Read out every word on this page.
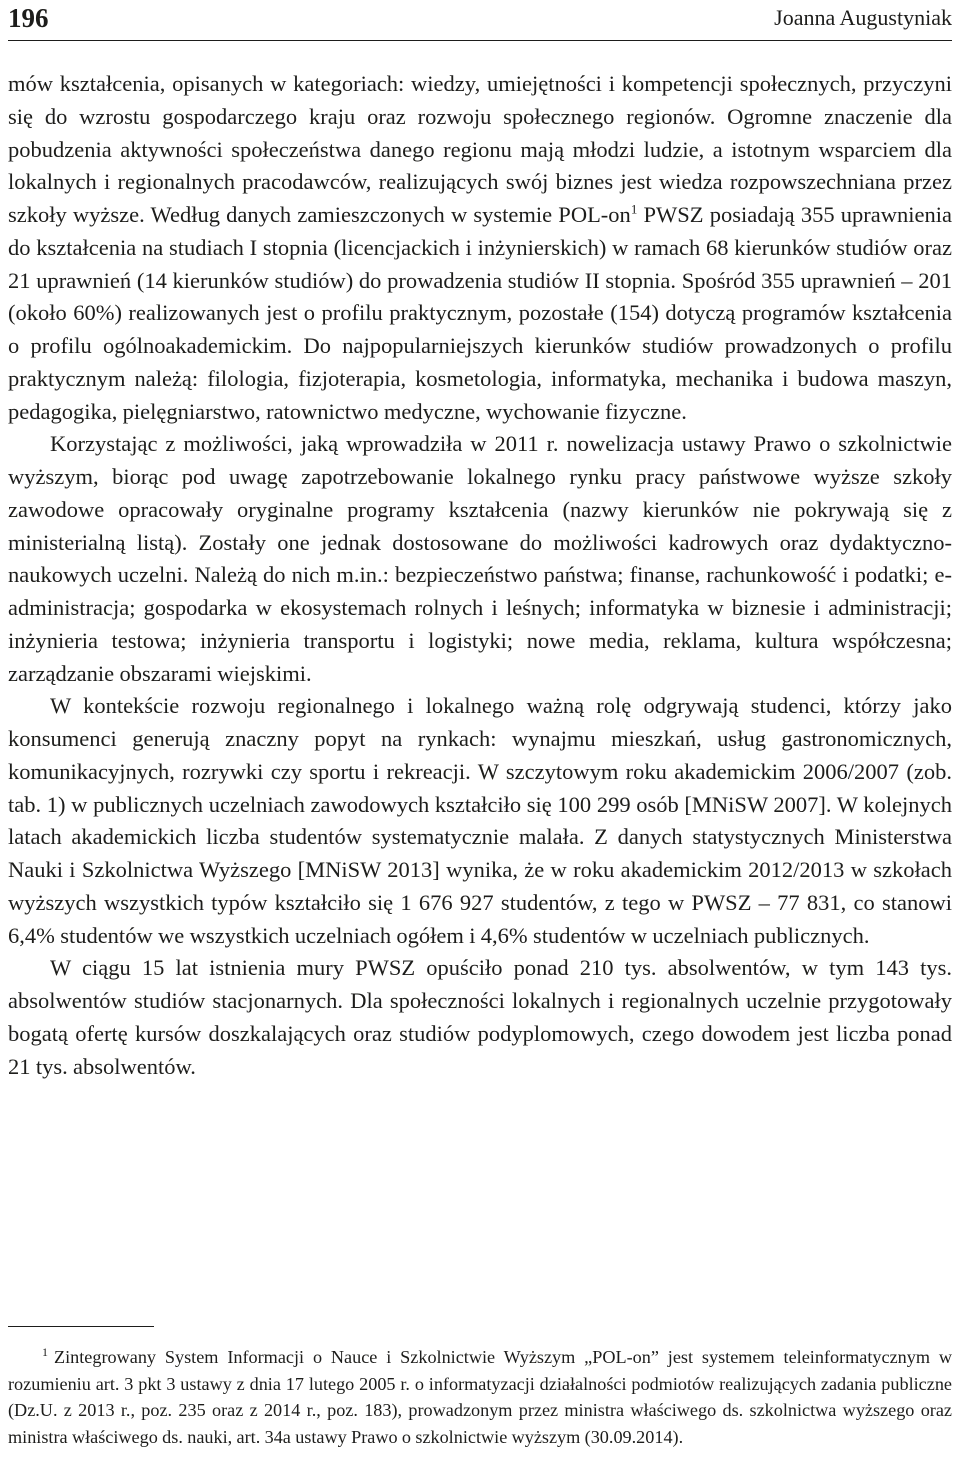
196	Joanna Augustyniak

mów kształcenia, opisanych w kategoriach: wiedzy, umiejętności i kompetencji społecznych, przyczyni się do wzrostu gospodarczego kraju oraz rozwoju społecznego regionów. Ogromne znaczenie dla pobudzenia aktywności społeczeństwa danego regionu mają młodzi ludzie, a istotnym wsparciem dla lokalnych i regionalnych pracodawców, realizujących swój biznes jest wiedza rozpowszechniana przez szkoły wyższe. Według danych zamieszczonych w systemie POL-$on^1$ PWSZ posiadają 355 uprawnienia do kształcenia na studiach I stopnia (licencjackich i inżynierskich) w ramach 68 kierunków studiów oraz 21 uprawnień (14 kierunków studiów) do prowadzenia studiów II stopnia. Spośród 355 uprawnień – 201 (około 60%) realizowanych jest o profilu praktycznym, pozostałe (154) dotyczą programów kształcenia o profilu ogólnoakademickim. Do najpopularniejszych kierunków studiów prowadzonych o profilu praktycznym należą: filologia, fizjoterapia, kosmetologia, informatyka, mechanika i budowa maszyn, pedagogika, pielęgniarstwo, ratownictwo medyczne, wychowanie fizyczne.

Korzystając z możliwości, jaką wprowadziła w 2011 r. nowelizacja ustawy Prawo o szkolnictwie wyższym, biorąc pod uwagę zapotrzebowanie lokalnego rynku pracy państwowe wyższe szkoły zawodowe opracowały oryginalne programy kształcenia (nazwy kierunków nie pokrywają się z ministerialną listą). Zostały one jednak dostosowane do możliwości kadrowych oraz dydaktyczno-naukowych uczelni. Należą do nich m.in.: bezpieczeństwo państwa; finanse, rachunkowość i podatki; e-administracja; gospodarka w ekosystemach rolnych i leśnych; informatyka w biznesie i administracji; inżynieria testowa; inżynieria transportu i logistyki; nowe media, reklama, kultura współczesna; zarządzanie obszarami wiejskimi.

W kontekście rozwoju regionalnego i lokalnego ważną rolę odgrywają studenci, którzy jako konsumenci generują znaczny popyt na rynkach: wynajmu mieszkań, usług gastronomicznych, komunikacyjnych, rozrywki czy sportu i rekreacji. W szczytowym roku akademickim 2006/2007 (zob. tab. 1) w publicznych uczelniach zawodowych kształciło się 100 299 osób [MNiSW 2007]. W kolejnych latach akademickich liczba studentów systematycznie malała. Z danych statystycznych Ministerstwa Nauki i Szkolnictwa Wyższego [MNiSW 2013] wynika, że w roku akademickim 2012/2013 w szkołach wyższych wszystkich typów kształciło się 1 676 927 studentów, z tego w PWSZ – 77 831, co stanowi 6,4% studentów we wszystkich uczelniach ogółem i 4,6% studentów w uczelniach publicznych.

W ciągu 15 lat istnienia mury PWSZ opuściło ponad 210 tys. absolwentów, w tym 143 tys. absolwentów studiów stacjonarnych. Dla społeczności lokalnych i regionalnych uczelnie przygotowały bogatą ofertę kursów doszkalających oraz studiów podyplomowych, czego dowodem jest liczba ponad 21 tys. absolwentów.

$^1$ Zintegrowany System Informacji o Nauce i Szkolnictwie Wyższym „POL-on” jest systemem teleinformatycznym w rozumieniu art. 3 pkt 3 ustawy z dnia 17 lutego 2005 r. o informatyzacji działalności podmiotów realizujących zadania publiczne (Dz.U. z 2013 r., poz. 235 oraz z 2014 r., poz. 183), prowadzonym przez ministra właściwego ds. szkolnictwa wyższego oraz ministra właściwego ds. nauki, art. 34a ustawy Prawo o szkolnictwie wyższym (30.09.2014).
